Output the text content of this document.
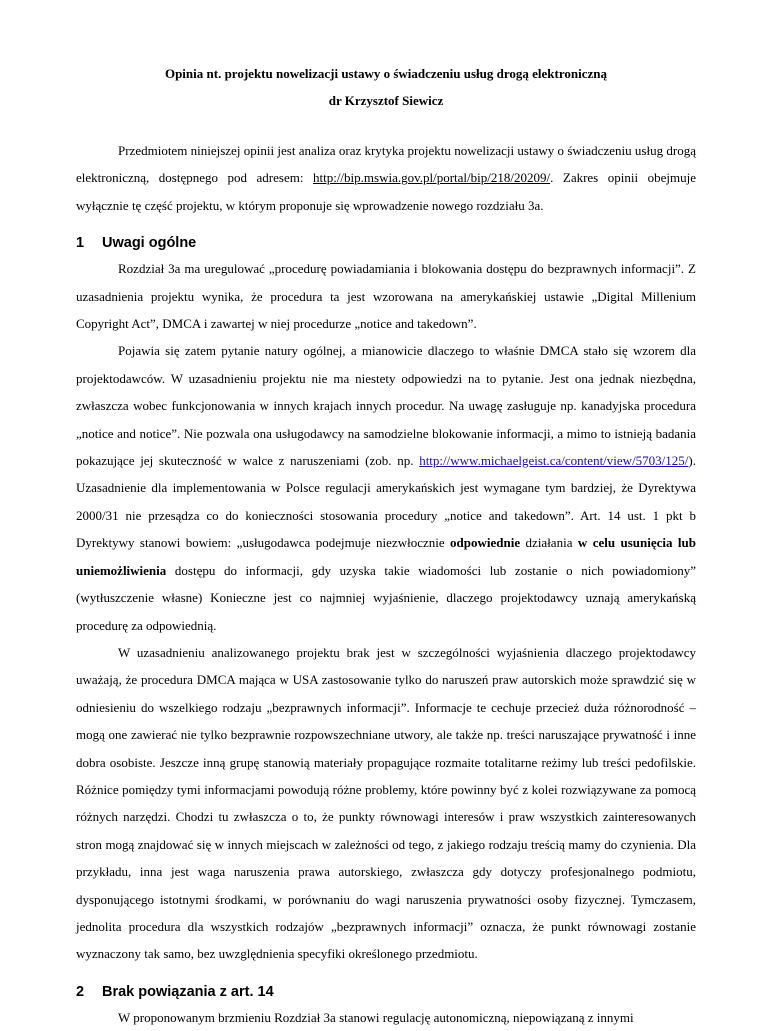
Opinia nt. projektu nowelizacji ustawy o świadczeniu usług drogą elektroniczną
dr Krzysztof Siewicz

Przedmiotem niniejszej opinii jest analiza oraz krytyka projektu nowelizacji ustawy o świadczeniu usług drogą elektroniczną, dostępnego pod adresem: http://bip.mswia.gov.pl/portal/bip/218/20209/. Zakres opinii obejmuje wyłącznie tę część projektu, w którym proponuje się wprowadzenie nowego rozdziału 3a.

1	Uwagi ogólne

Rozdział 3a ma uregulować „procedurę powiadamiania i blokowania dostępu do bezprawnych informacji”. Z uzasadnienia projektu wynika, że procedura ta jest wzorowana na amerykańskiej ustawie „Digital Millenium Copyright Act”, DMCA i zawartej w niej procedurze „notice and takedown”.

Pojawia się zatem pytanie natury ogólnej, a mianowicie dlaczego to właśnie DMCA stało się wzorem dla projektodawców. W uzasadnieniu projektu nie ma niestety odpowiedzi na to pytanie. Jest ona jednak niezbędna, zwłaszcza wobec funkcjonowania w innych krajach innych procedur. Na uwagę zasługuje np. kanadyjska procedura „notice and notice”. Nie pozwala ona usługodawcy na samodzielne blokowanie informacji, a mimo to istnieją badania pokazujące jej skuteczność w walce z naruszeniami (zob. np. http://www.michaelgeist.ca/content/view/5703/125/). Uzasadnienie dla implementowania w Polsce regulacji amerykańskich jest wymagane tym bardziej, że Dyrektywa 2000/31 nie przesądza co do konieczności stosowania procedury „notice and takedown”. Art. 14 ust. 1 pkt b Dyrektywy stanowi bowiem: „usługodawca podejmuje niezwłocznie odpowiednie działania w celu usunięcia lub uniemożliwienia dostępu do informacji, gdy uzyska takie wiadomości lub zostanie o nich powiadomiony” (wytłuszczenie własne) Konieczne jest co najmniej wyjaśnienie, dlaczego projektodawcy uznają amerykańską procedurę za odpowiednią.

W uzasadnieniu analizowanego projektu brak jest w szczególności wyjaśnienia dlaczego projektodawcy uważają, że procedura DMCA mająca w USA zastosowanie tylko do naruszeń praw autorskich może sprawdzić się w odniesieniu do wszelkiego rodzaju „bezprawnych informacji”. Informacje te cechuje przecież duża różnorodność – mogą one zawierać nie tylko bezprawnie rozpowszechniane utwory, ale także np. treści naruszające prywatność i inne dobra osobiste. Jeszcze inną grupę stanowią materiały propagujące rozmaite totalitarne reżimy lub treści pedofilskie. Różnice pomiędzy tymi informacjami powodują różne problemy, które powinny być z kolei rozwiązywane za pomocą różnych narzędzi. Chodzi tu zwłaszcza o to, że punkty równowagi interesów i praw wszystkich zainteresowanych stron mogą znajdować się w innych miejscach w zależności od tego, z jakiego rodzaju treścią mamy do czynienia. Dla przykładu, inna jest waga naruszenia prawa autorskiego, zwłaszcza gdy dotyczy profesjonalnego podmiotu, dysponującego istotnymi środkami, w porównaniu do wagi naruszenia prywatności osoby fizycznej. Tymczasem, jednolita procedura dla wszystkich rodzajów „bezprawnych informacji” oznacza, że punkt równowagi zostanie wyznaczony tak samo, bez uwzględnienia specyfiki określonego przedmiotu.

2	Brak powiązania z art. 14

W proponowanym brzmieniu Rozdział 3a stanowi regulację autonomiczną, niepowiązaną z innymi
